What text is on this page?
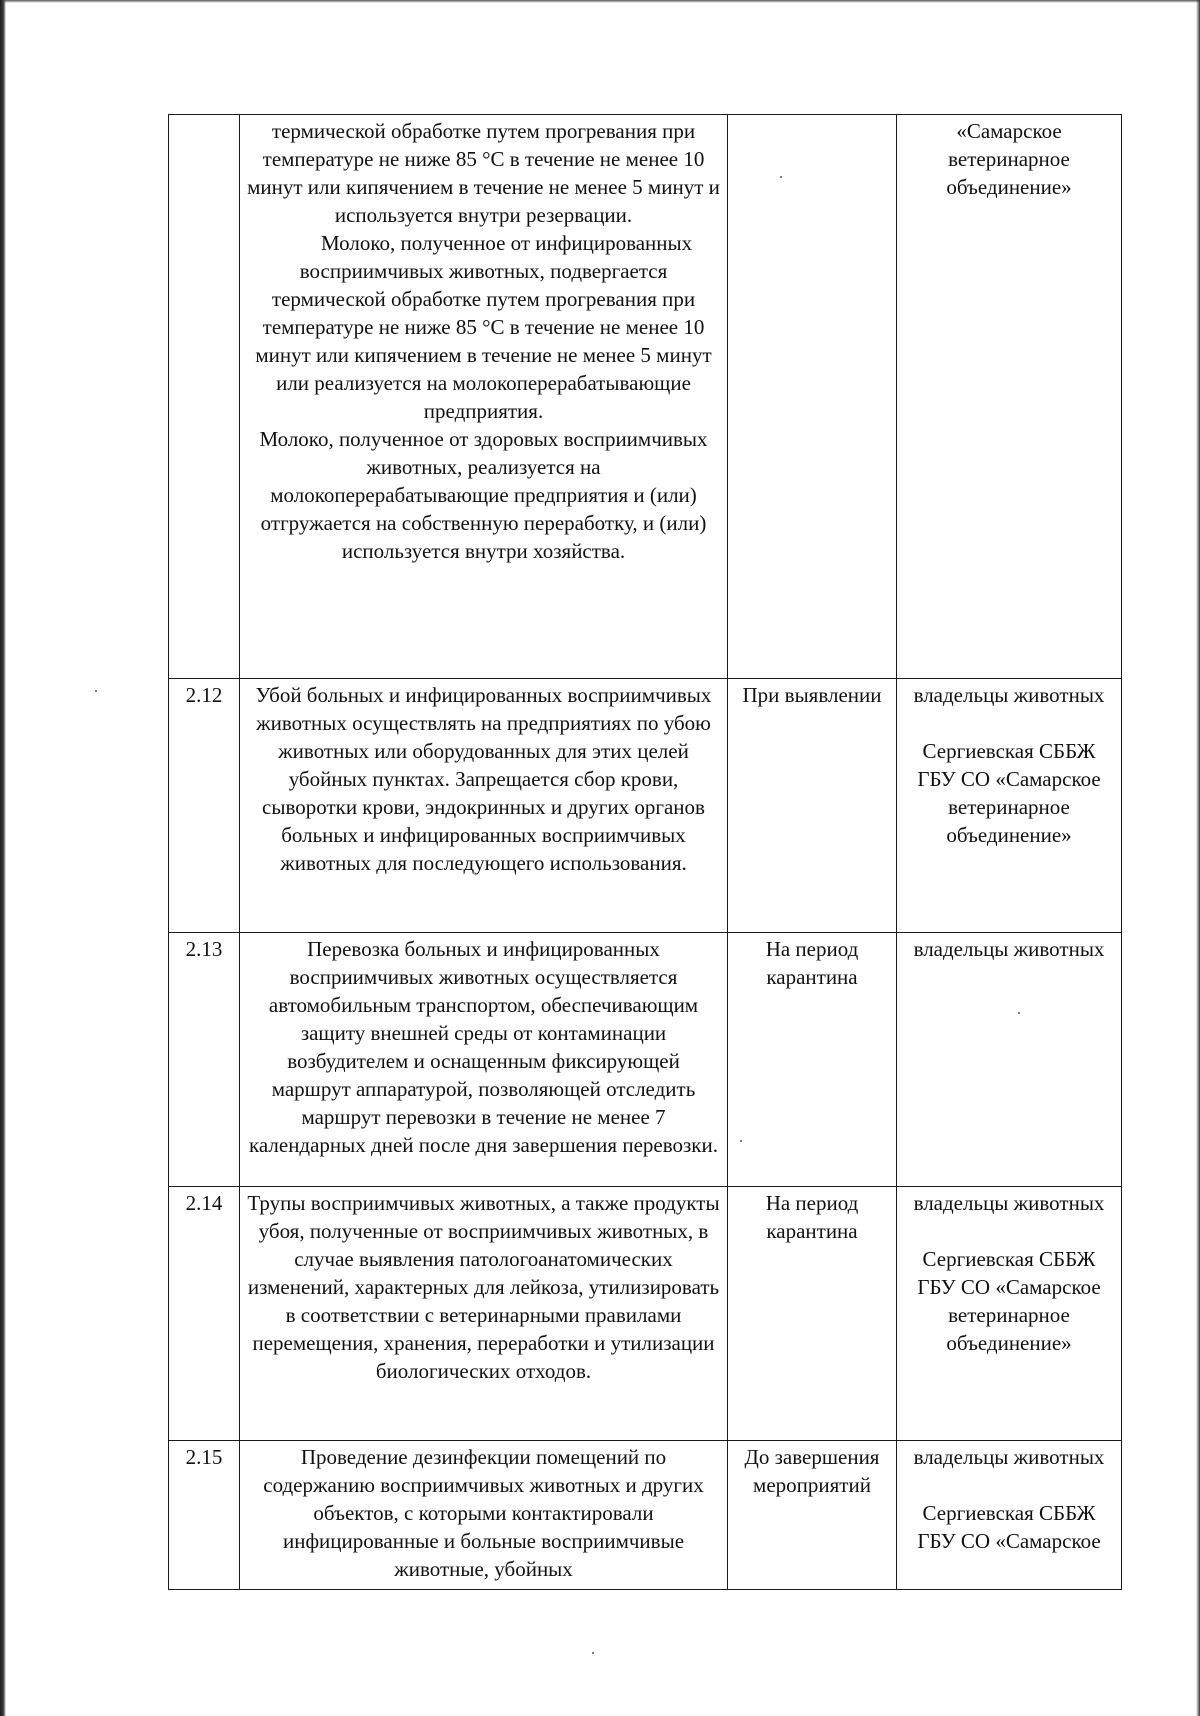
	термической обработке путем прогревания при температуре не ниже 85 °С в течение не менее 10 минут или кипячением в течение не менее 5 минут и используется внутри резервации.
Молоко, полученное от инфицированных восприимчивых животных, подвергается термической обработке путем прогревания при температуре не ниже 85 °С в течение не менее 10 минут или кипячением в течение не менее 5 минут или реализуется на молокоперерабатывающие предприятия.
Молоко, полученное от здоровых восприимчивых животных, реализуется на молокоперерабатывающие предприятия и (или) отгружается на собственную переработку, и (или) используется внутри хозяйства.		«Самарское ветеринарное объединение»

2.12	Убой больных и инфицированных восприимчивых животных осуществлять на предприятиях по убою животных или оборудованных для этих целей убойных пунктах. Запрещается сбор крови, сыворотки крови, эндокринных и других органов больных и инфицированных восприимчивых животных для последующего использования.	При выявлении	владельцы животных
Сергиевская СББЖ ГБУ СО «Самарское ветеринарное объединение»

2.13	Перевозка больных и инфицированных восприимчивых животных осуществляется автомобильным транспортом, обеспечивающим защиту внешней среды от контаминации возбудителем и оснащенным фиксирующей маршрут аппаратурой, позволяющей отследить маршрут перевозки в течение не менее 7 календарных дней после дня завершения перевозки.	На период карантина	владельцы животных

2.14	Трупы восприимчивых животных, а также продукты убоя, полученные от восприимчивых животных, в случае выявления патологоанатомических изменений, характерных для лейкоза, утилизировать в соответствии с ветеринарными правилами перемещения, хранения, переработки и утилизации биологических отходов.	На период карантина	владельцы животных
Сергиевская СББЖ ГБУ СО «Самарское ветеринарное объединение»

2.15	Проведение дезинфекции помещений по содержанию восприимчивых животных и других объектов, с которыми контактировали инфицированные и больные восприимчивые животные, убойных	До завершения мероприятий	владельцы животных
Сергиевская СББЖ ГБУ СО «Самарское
